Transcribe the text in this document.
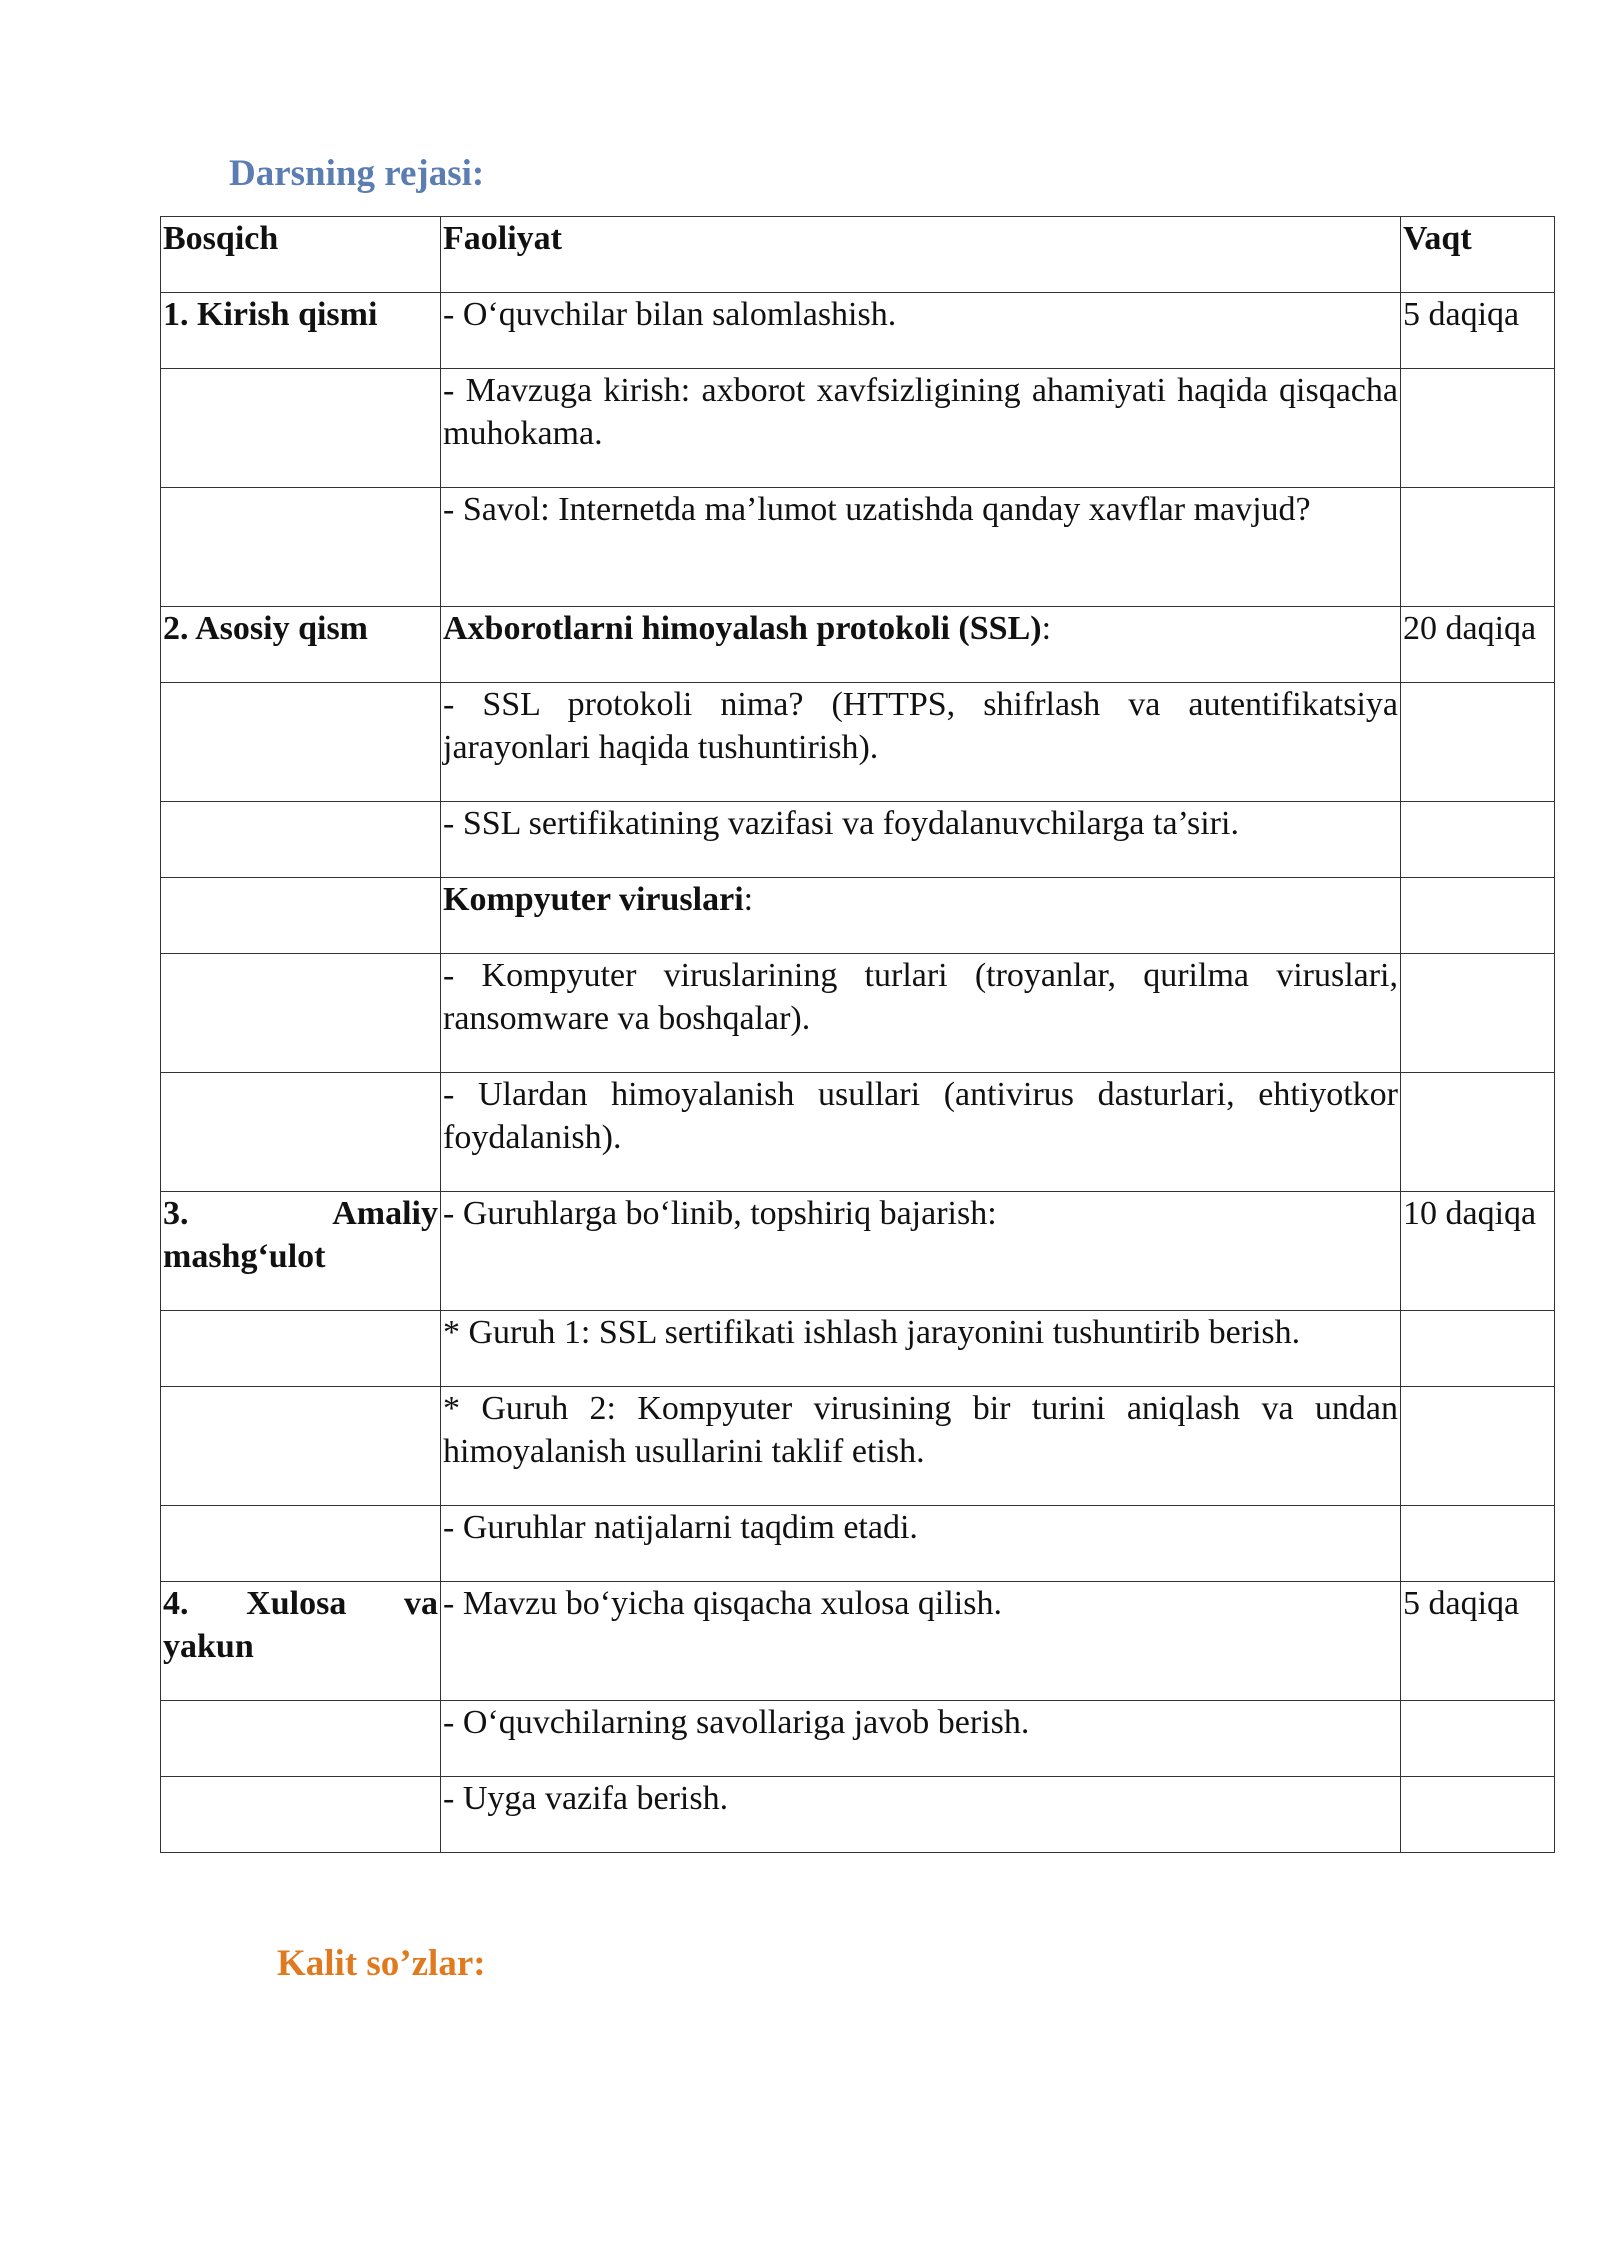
Darsning rejasi:
Bosqich	Faoliyat	Vaqt
1. Kirish qismi	- O‘quvchilar bilan salomlashish.	5 daqiqa
	- Mavzuga kirish: axborot xavfsizligining ahamiyati haqida qisqacha muhokama.	
	- Savol: Internetda ma’lumot uzatishda qanday xavflar mavjud?	
2. Asosiy qism	Axborotlarni himoyalash protokoli (SSL):	20 daqiqa
	- SSL protokoli nima? (HTTPS, shifrlash va autentifikatsiya jarayonlari haqida tushuntirish).	
	- SSL sertifikatining vazifasi va foydalanuvchilarga ta’siri.	
	Kompyuter viruslari:	
	- Kompyuter viruslarining turlari (troyanlar, qurilma viruslari, ransomware va boshqalar).	
	- Ulardan himoyalanish usullari (antivirus dasturlari, ehtiyotkor foydalanish).	
3. Amaliy mashg‘ulot	- Guruhlarga bo‘linib, topshiriq bajarish:	10 daqiqa
	* Guruh 1: SSL sertifikati ishlash jarayonini tushuntirib berish.	
	* Guruh 2: Kompyuter virusining bir turini aniqlash va undan himoyalanish usullarini taklif etish.	
	- Guruhlar natijalarni taqdim etadi.	
4. Xulosa va yakun	- Mavzu bo‘yicha qisqacha xulosa qilish.	5 daqiqa
	- O‘quvchilarning savollariga javob berish.	
	- Uyga vazifa berish.	
Kalit so’zlar:
